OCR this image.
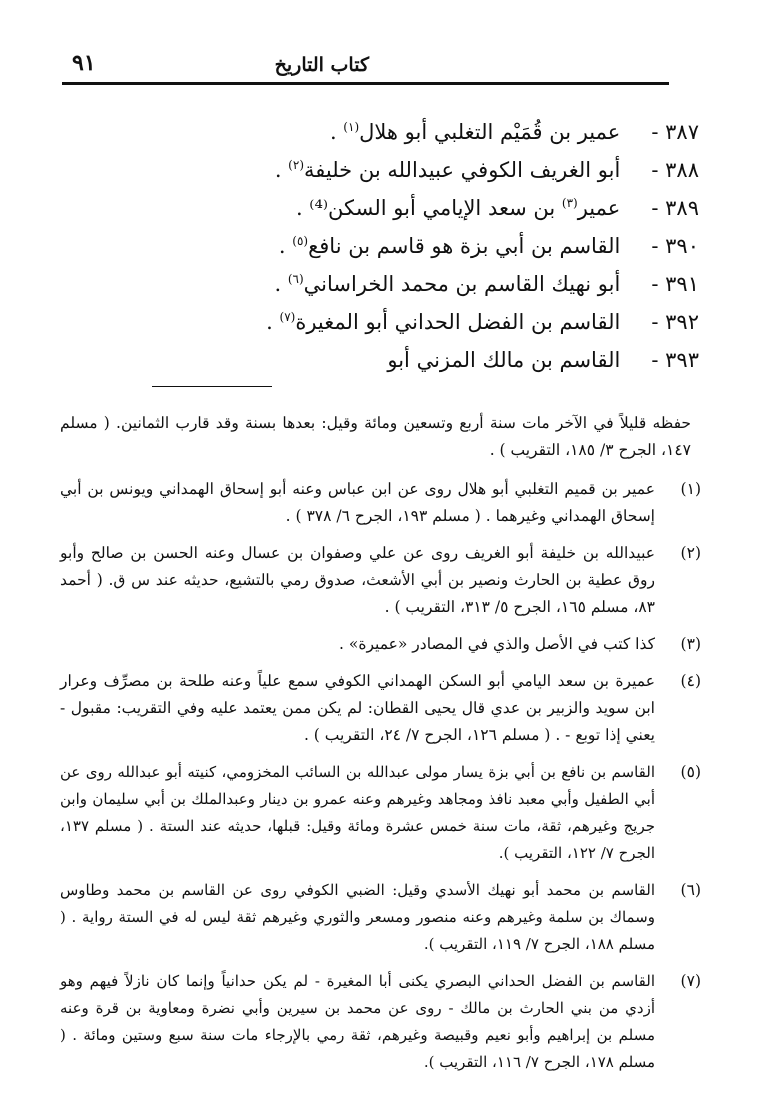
كتاب التاريخ
٩١
٣٨٧ - عمير بن قُمَيْم التغلبي أبو هلال$^{(١)}$ .
٣٨٨ - أبو الغريف الكوفي عبيدالله بن خليفة$^{(٢)}$ .
٣٨٩ - عمير$^{(٣)}$ بن سعد الإيامي أبو السكن⁽⁴⁾ .
٣٩٠ - القاسم بن أبي بزة هو قاسم بن نافع$^{(٥)}$ .
٣٩١ - أبو نهيك القاسم بن محمد الخراساني$^{(٦)}$ .
٣٩٢ - القاسم بن الفضل الحداني أبو المغيرة$^{(٧)}$ .
٣٩٣ - القاسم بن مالك المزني أبو
حفظه قليلاً في الآخر مات سنة أربع وتسعين ومائة وقيل: بعدها بسنة وقد قارب الثمانين. ( مسلم ١٤٧، الجرح ٣/ ١٨٥، التقريب ) .
(١)
عمير بن قميم التغلبي أبو هلال روى عن ابن عباس وعنه أبو إسحاق الهمداني ويونس بن أبي إسحاق الهمداني وغيرهما . ( مسلم ١٩٣، الجرح ٦/ ٣٧٨ ) .
(٢)
عبيدالله بن خليفة أبو الغريف روى عن علي وصفوان بن عسال وعنه الحسن بن صالح وأبو روق عطية بن الحارث ونصير بن أبي الأشعث، صدوق رمي بالتشيع، حديثه عند س ق. ( أحمد ٨٣، مسلم ١٦٥، الجرح ٥/ ٣١٣، التقريب ) .
(٣)
كذا كتب في الأصل والذي في المصادر «عميرة» .
(٤)
عميرة بن سعد اليامي أبو السكن الهمداني الكوفي سمع علياً وعنه طلحة بن مصرِّف وعرار ابن سويد والزبير بن عدي قال يحيى القطان: لم يكن ممن يعتمد عليه وفي التقريب: مقبول - يعني إذا توبع - . ( مسلم ١٢٦، الجرح ٧/ ٢٤، التقريب ) .
(٥)
القاسم بن نافع بن أبي بزة يسار مولى عبدالله بن السائب المخزومي، كنيته أبو عبدالله روى عن أبي الطفيل وأبي معبد نافذ ومجاهد وغيرهم وعنه عمرو بن دينار وعبدالملك بن أبي سليمان وابن جريج وغيرهم، ثقة، مات سنة خمس عشرة ومائة وقيل: قبلها، حديثه عند الستة . ( مسلم ١٣٧، الجرح ٧/ ١٢٢، التقريب ).
(٦)
القاسم بن محمد أبو نهيك الأسدي وقيل: الضبي الكوفي روى عن القاسم بن محمد وطاوس وسماك بن سلمة وغيرهم وعنه منصور ومسعر والثوري وغيرهم ثقة ليس له في الستة رواية . ( مسلم ١٨٨، الجرح ٧/ ١١٩، التقريب ).
(٧)
القاسم بن الفضل الحداني البصري يكنى أبا المغيرة - لم يكن حدانياً وإنما كان نازلاً فيهم وهو أزدي من بني الحارث بن مالك - روى عن محمد بن سيرين وأبي نضرة ومعاوية بن قرة وعنه مسلم بن إبراهيم وأبو نعيم وقبيصة وغيرهم، ثقة رمي بالإرجاء مات سنة سبع وستين ومائة . ( مسلم ١٧٨، الجرح ٧/ ١١٦، التقريب ).
